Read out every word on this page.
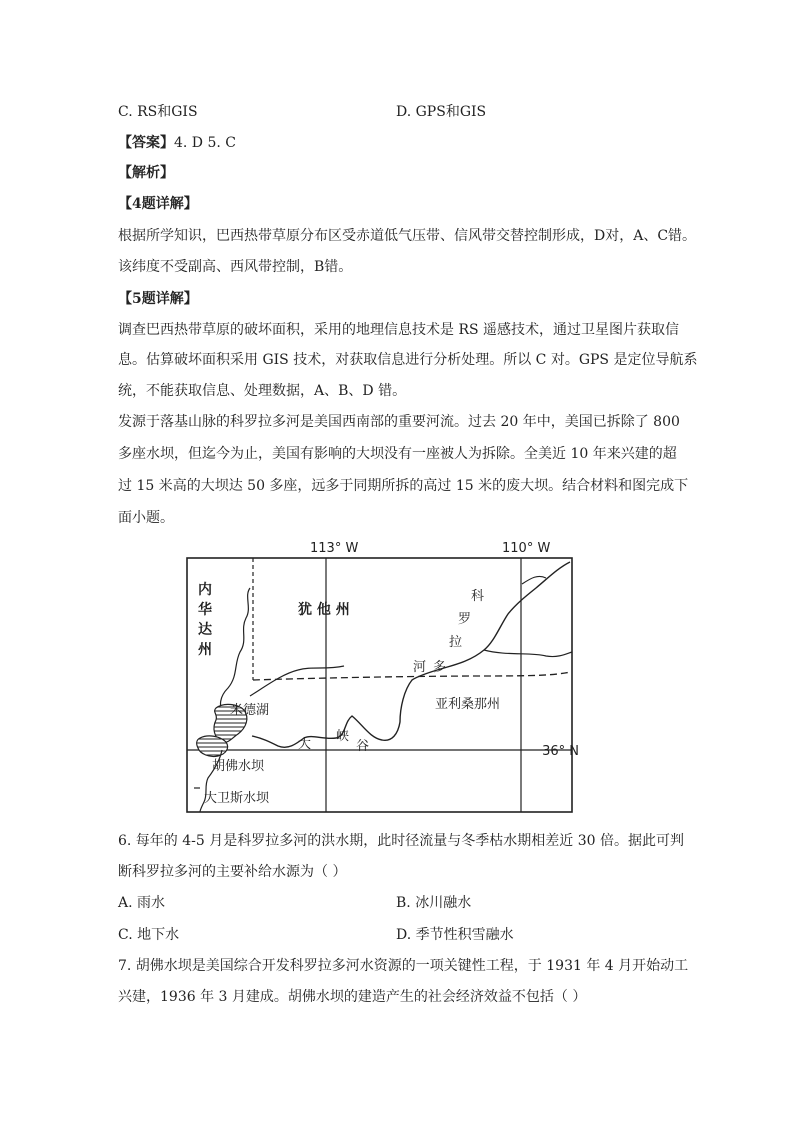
C. RS和GIS	D. GPS和GIS
【答案】4. D 5. C
【解析】
【4题详解】
根据所学知识，巴西热带草原分布区受赤道低气压带、信风带交替控制形成，D对，A、C错。
该纬度不受副高、西风带控制，B错。
【5题详解】
调查巴西热带草原的破坏面积，采用的地理信息技术是 RS 遥感技术，通过卫星图片获取信
息。估算破坏面积采用 GIS 技术，对获取信息进行分析处理。所以 C 对。GPS 是定位导航系
统，不能获取信息、处理数据，A、B、D 错。
发源于落基山脉的科罗拉多河是美国西南部的重要河流。过去 20 年中，美国已拆除了 800
多座水坝，但迄今为止，美国有影响的大坝没有一座被人为拆除。全美近 10 年来兴建的超
过 15 米高的大坝达 50 多座，远多于同期所拆的高过 15 米的废大坝。结合材料和图完成下
面小题。
113° W	110° W
36° N
内
华
达
州
犹 他 州
科
罗
拉
河 多
米德湖	亚利桑那州
大
峡
谷
胡佛水坝
大卫斯水坝
6. 每年的 4-5 月是科罗拉多河的洪水期，此时径流量与冬季枯水期相差近 30 倍。据此可判
断科罗拉多河的主要补给水源为（ ）
A. 雨水	B. 冰川融水
C. 地下水	D. 季节性积雪融水
7. 胡佛水坝是美国综合开发科罗拉多河水资源的一项关键性工程，于 1931 年 4 月开始动工
兴建，1936 年 3 月建成。胡佛水坝的建造产生的社会经济效益不包括（ ）
